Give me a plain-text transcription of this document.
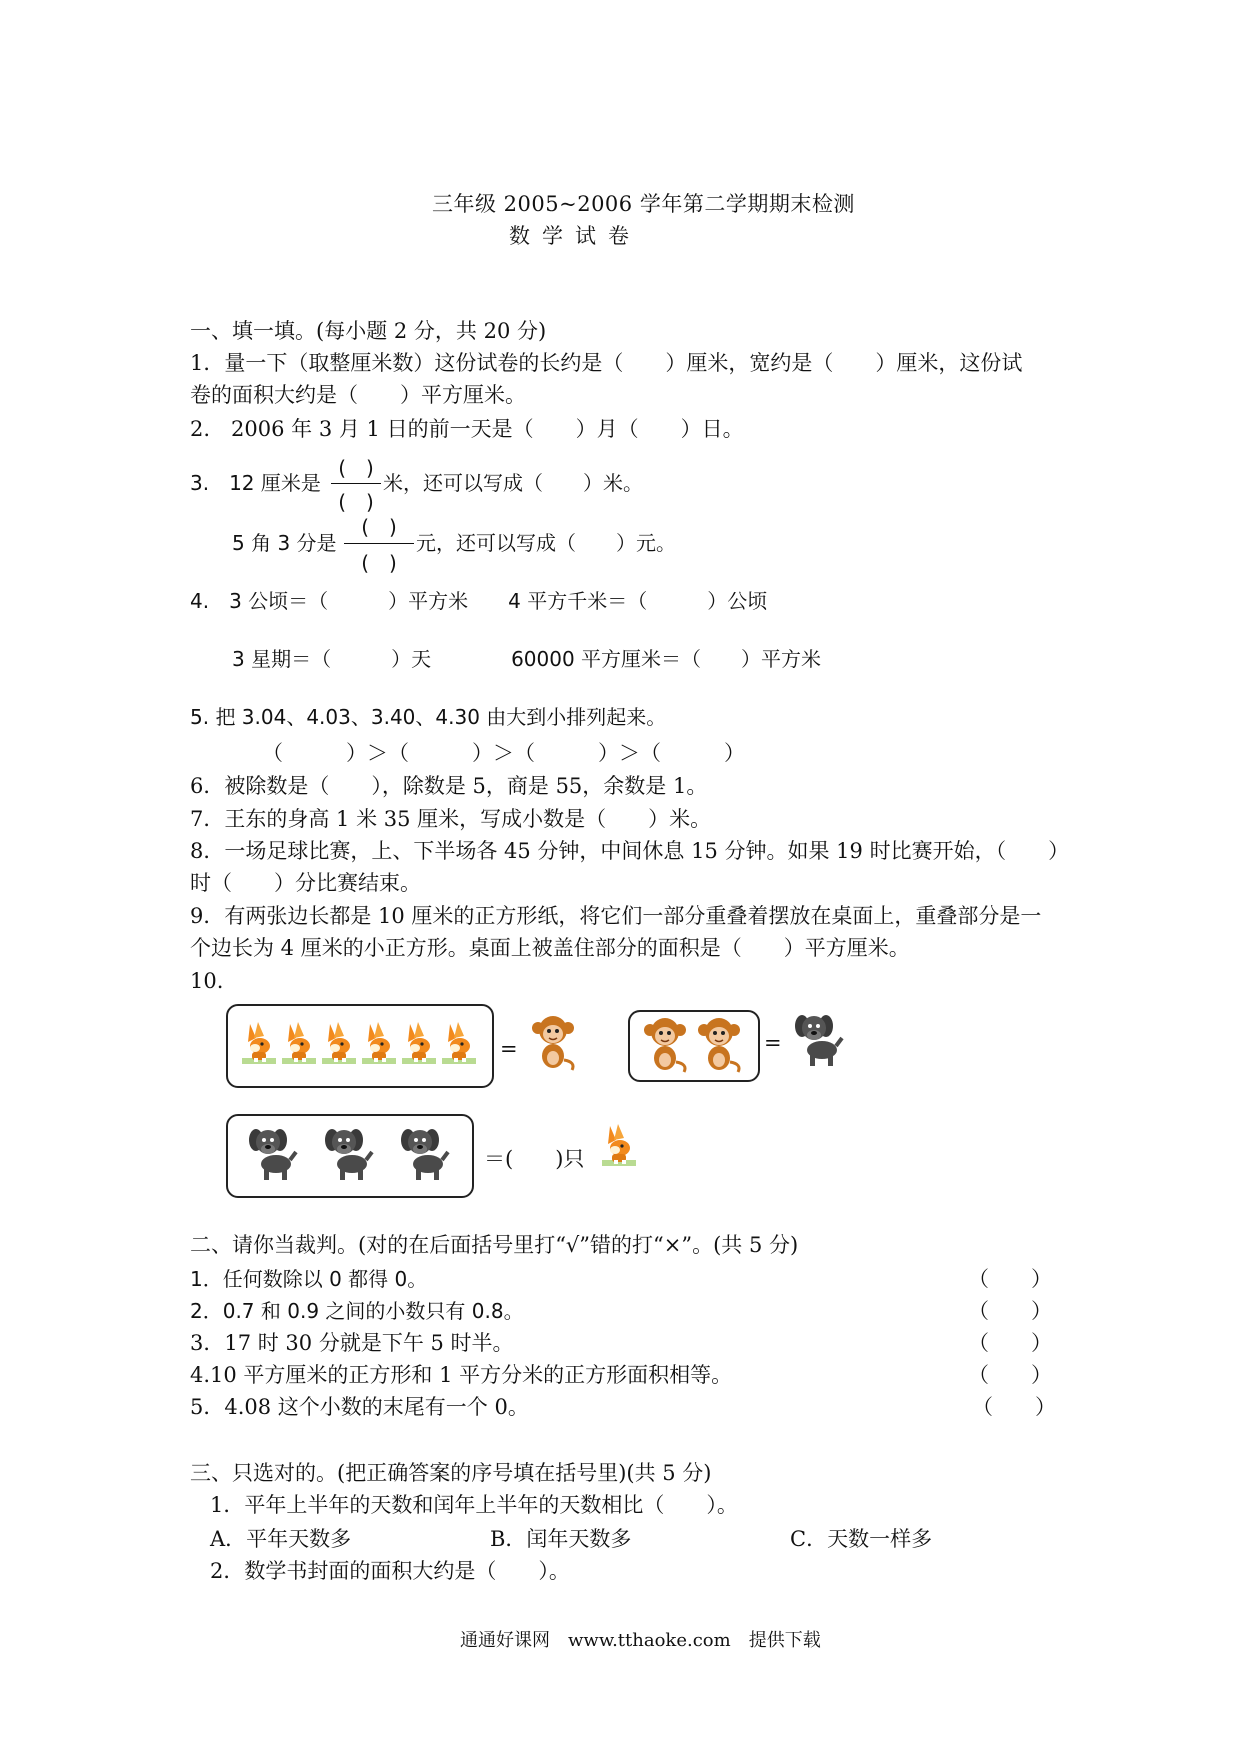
三年级 2005~2006 学年第二学期期末检测
数学试卷
一、填一填。(每小题 2 分，共 20 分)
1．量一下（取整厘米数）这份试卷的长约是（　　）厘米，宽约是（　　）厘米，这份试
卷的面积大约是（　　）平方厘米。
2.　2006 年 3 月 1 日的前一天是（　　）月（　　）日。
3.　12 厘米是
(　)
(　)
米，还可以写成（　　）米。
5 角 3 分是
(　)
(　)
元，还可以写成（　　）元。
4.　3 公顷＝（　　　）平方米　　4 平方千米＝（　　　）公顷
3 星期＝（　　　）天　　　　60000 平方厘米＝（　　）平方米
5. 把 3.04、4.03、3.40、4.30 由大到小排列起来。
（　　　）＞（　　　）＞（　　　）＞（　　　）
6．被除数是（　　），除数是 5，商是 55，余数是 1。
7．王东的身高 1 米 35 厘米，写成小数是（　　）米。
8．一场足球比赛，上、下半场各 45 分钟，中间休息 15 分钟。如果 19 时比赛开始，（　　）
时（　　）分比赛结束。
9．有两张边长都是 10 厘米的正方形纸，将它们一部分重叠着摆放在桌面上，重叠部分是一
个边长为 4 厘米的小正方形。桌面上被盖住部分的面积是（　　）平方厘米。
10.
=	=
＝(　　)只
二、请你当裁判。(对的在后面括号里打“√”错的打“×”。(共 5 分)
1．任何数除以 0 都得 0。	（　　）
2．0.7 和 0.9 之间的小数只有 0.8。	（　　）
3．17 时 30 分就是下午 5 时半。	（　　）
4.10 平方厘米的正方形和 1 平方分米的正方形面积相等。	（　　）
5．4.08 这个小数的末尾有一个 0。	（　　）
三、只选对的。(把正确答案的序号填在括号里)(共 5 分)
1．平年上半年的天数和闰年上半年的天数相比（　　）。
A．平年天数多	B．闰年天数多	C．天数一样多
2．数学书封面的面积大约是（　　）。
通通好课网　www.tthaoke.com　提供下载
